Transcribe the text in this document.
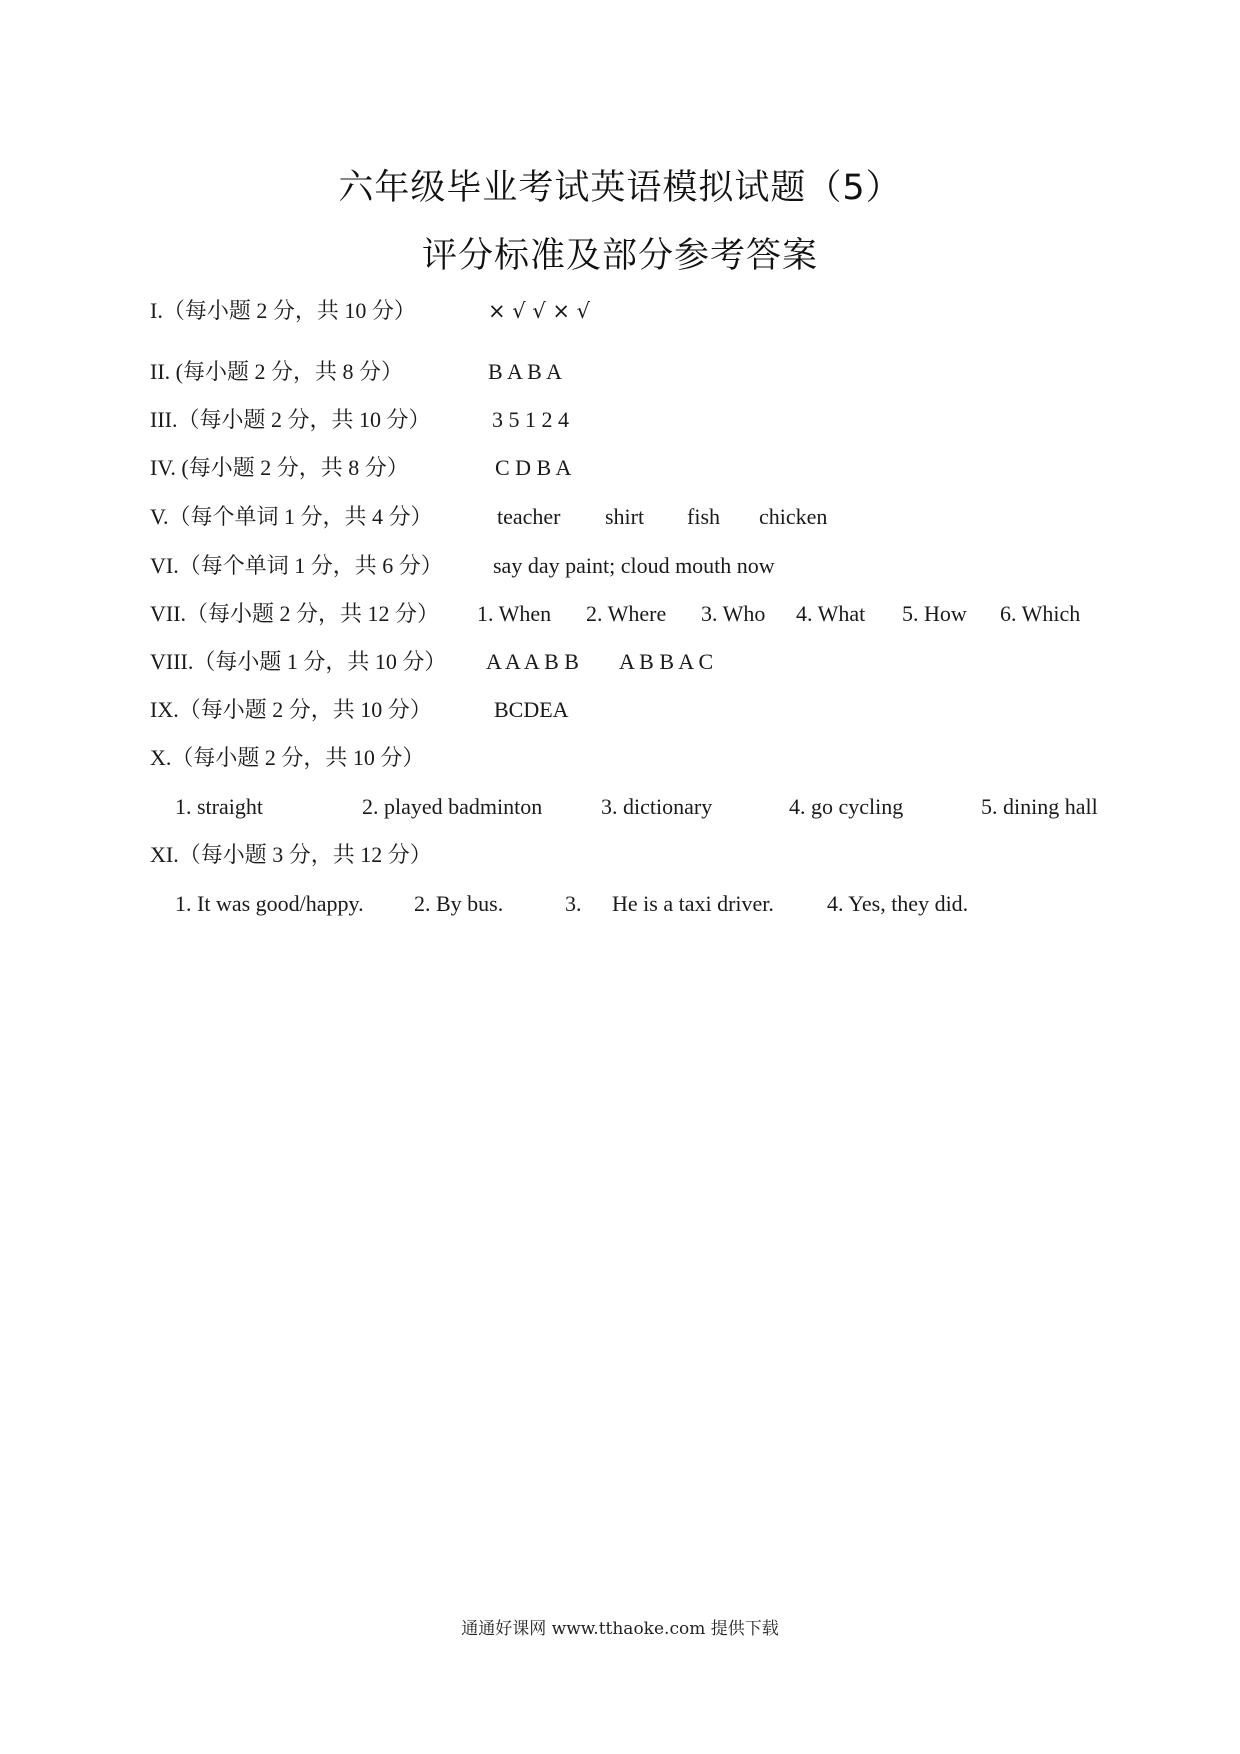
六年级毕业考试英语模拟试题（5）
评分标准及部分参考答案
I.（每小题 2 分，共 10 分）	× √ √ × √
II. (每小题 2 分，共 8 分）	B A B A
III.（每小题 2 分，共 10 分）	3 5 1 2 4
IV. (每小题 2 分，共 8 分）	C D B A
V.（每个单词 1 分，共 4 分）	teacher shirt fish chicken
VI.（每个单词 1 分，共 6 分） say day paint; cloud mouth now
VII.（每小题 2 分，共 12 分） 1. When 2. Where 3. Who 4. What 5. How 6. Which
VIII.（每小题 1 分，共 10 分） A A A B B A B B A C
IX.（每小题 2 分，共 10 分）	BCDEA
X.（每小题 2 分，共 10 分）
1. straight	2. played badminton	3. dictionary	4. go cycling	5. dining hall
XI.（每小题 3 分，共 12 分）
1. It was good/happy. 2. By bus.	3. He is a taxi driver. 4. Yes, they did.
通通好课网 www.tthaoke.com 提供下载
